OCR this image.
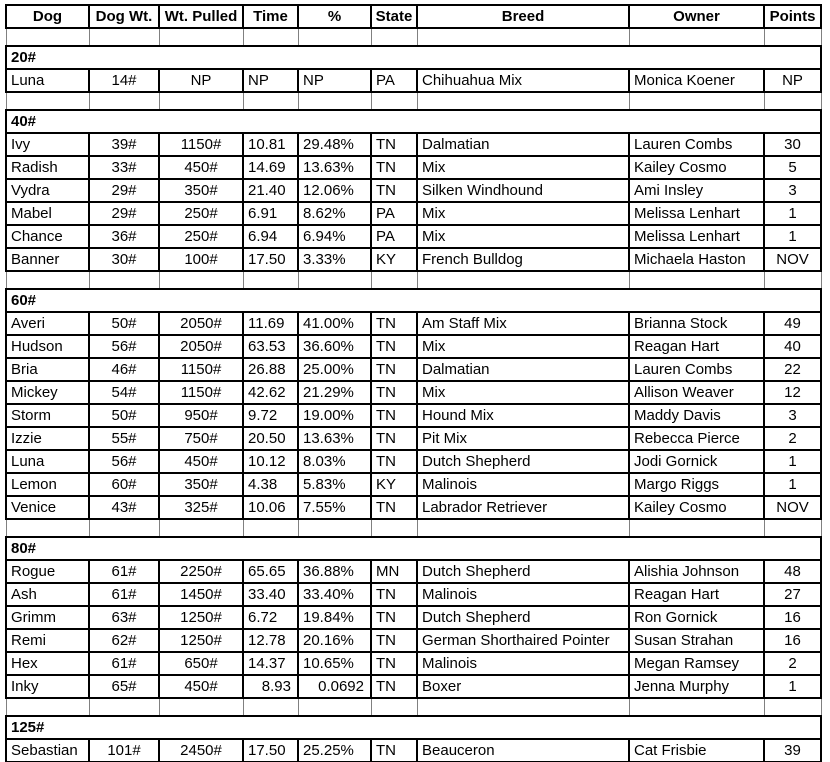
Dog	Dog Wt.	Wt. Pulled	Time	%	State	Breed	Owner	Points

20#								
Luna	14#	NP	NP	NP	PA	Chihuahua Mix	Monica Koener	NP

40#								
Ivy	39#	1150#	10.81	29.48%	TN	Dalmatian	Lauren Combs	30
Radish	33#	450#	14.69	13.63%	TN	Mix	Kailey Cosmo	5
Vydra	29#	350#	21.40	12.06%	TN	Silken Windhound	Ami Insley	3
Mabel	29#	250#	6.91	8.62%	PA	Mix	Melissa Lenhart	1
Chance	36#	250#	6.94	6.94%	PA	Mix	Melissa Lenhart	1
Banner	30#	100#	17.50	3.33%	KY	French Bulldog	Michaela Haston	NOV

60#								
Averi	50#	2050#	11.69	41.00%	TN	Am Staff Mix	Brianna Stock	49
Hudson	56#	2050#	63.53	36.60%	TN	Mix	Reagan Hart	40
Bria	46#	1150#	26.88	25.00%	TN	Dalmatian	Lauren Combs	22
Mickey	54#	1150#	42.62	21.29%	TN	Mix	Allison Weaver	12
Storm	50#	950#	9.72	19.00%	TN	Hound Mix	Maddy Davis	3
Izzie	55#	750#	20.50	13.63%	TN	Pit Mix	Rebecca Pierce	2
Luna	56#	450#	10.12	8.03%	TN	Dutch Shepherd	Jodi Gornick	1
Lemon	60#	350#	4.38	5.83%	KY	Malinois	Margo Riggs	1
Venice	43#	325#	10.06	7.55%	TN	Labrador Retriever	Kailey Cosmo	NOV

80#								
Rogue	61#	2250#	65.65	36.88%	MN	Dutch Shepherd	Alishia Johnson	48
Ash	61#	1450#	33.40	33.40%	TN	Malinois	Reagan Hart	27
Grimm	63#	1250#	6.72	19.84%	TN	Dutch Shepherd	Ron Gornick	16
Remi	62#	1250#	12.78	20.16%	TN	German Shorthaired Pointer	Susan Strahan	16
Hex	61#	650#	14.37	10.65%	TN	Malinois	Megan Ramsey	2
Inky	65#	450#	8.93	0.0692	TN	Boxer	Jenna Murphy	1

125#								
Sebastian	101#	2450#	17.50	25.25%	TN	Beauceron	Cat Frisbie	39
